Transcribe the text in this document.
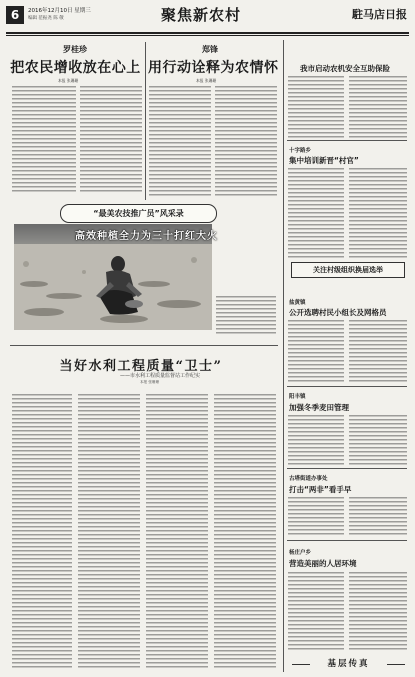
6	2016年12月10日 星期三
编辑 范振尧 陈 敬	聚焦新农村	駐马店日报
罗桂珍
把农民增收放在心上
本报 张珊珊
郑锋
用行动诠释为农情怀
本报 张珊珊
“最美农技推广员”风采录
高效种植全力为三十打红大火
当好水利工程质量“卫士”
——市水利工程质量监督站工作纪实
本报 张珊珊
我市启动农机安全互助保险
十字路乡
集中培训新晋“村官”
关注村级组织换届选举
盐黄镇
公开选聘村民小组长及网格员
阳丰镇
加强冬季麦田管理
古塔街道办事处
打击“两非”看手早
杨庄户乡
营造美丽的人居环境
基层传真
